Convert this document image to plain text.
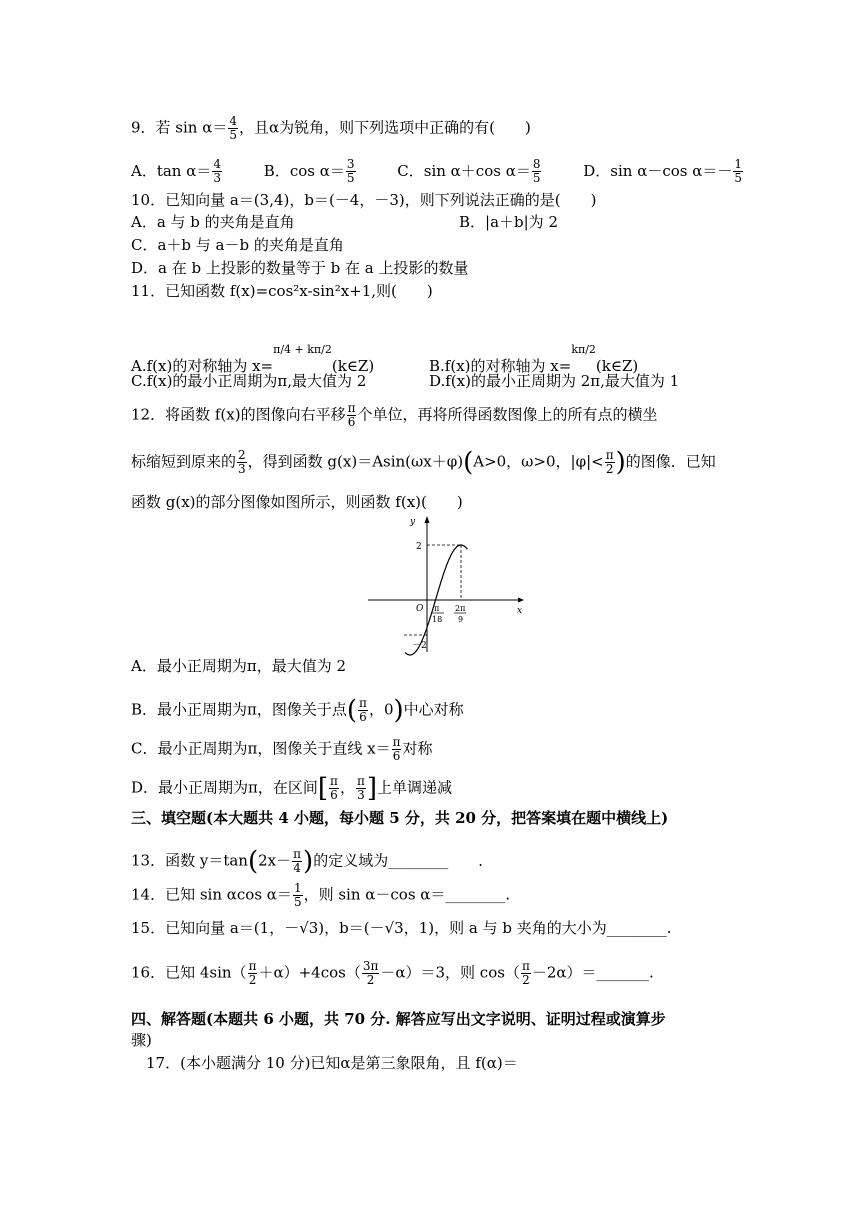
9．若 $\sin \alpha= \frac{4}{5}$ ，且α为锐角，则下列选项中正确的有(　　)
A．$\tan \alpha= \frac{4}{3}$	B．$\cos \alpha= \frac{3}{5}$	C．sin α＋cos $\alpha= \frac{8}{5}$	D．sin α－cos $\alpha=- \frac{1}{5}$
10．已知向量 a＝(3,4)，b＝(－4，－3)，则下列说法正确的是(　　)
A．a 与 b 的夹角是直角	B．|a＋b|为 2
C．a＋b 与 a－b 的夹角是直角
D．a 在 b 上投影的数量等于 b 在 a 上投影的数量
11．已知函数 f(x)=cos²x-sin²x+1,则(　　)
A.f(x)的对称轴为 x=$^{\pi/4 + k\pi/2}$(k∈Z)	B.f(x)的对称轴为 x=$^{k\pi/2}$(k∈Z)
C.f(x)的最小正周期为π,最大值为 2	D.f(x)的最小正周期为 2π,最大值为 1
12．将函数 f(x)的图像向右平移 $\frac{\pi}{6}$ 个单位，再将所得函数图像上的所有点的横坐
标缩短到原来的 $\frac{2}{3}$ ，得到函数 g(x)＝Asin(ωx＋φ)(A>0，ω>0，$|\varphi|< \frac{\pi}{2}$ )的图像．已知
函数 g(x)的部分图像如图所示，则函数 f(x)(　　)
y
x
O
2
－2
π
18
2π
9
A．最小正周期为π，最大值为 2
B．最小正周期为π，图像关于点( $\frac{\pi}{6}$ ，0)中心对称
C．最小正周期为π，图像关于直线 $x= \frac{\pi}{6}$ 对称
D．最小正周期为π，在区间[ $\frac{\pi}{6}$ ， $\frac{\pi}{3}$ ]上单调递减
三、填空题(本大题共 4 小题，每小题 5 分，共 20 分，把答案填在题中横线上)
13．函数 $y=\tan(2x- \frac{\pi}{4}$ )的定义域为________　　．
14．已知 sin αcos $\alpha= \frac{1}{5}$ ，则 sin α－cos α＝________.
15．已知向量 a＝(1，－√3)，b＝(－√3，1)，则 a 与 b 夹角的大小为________.
16．已知 $4\sin( \frac{\pi}{2} +\alpha)+4\cos( \frac{3\pi}{2} -\alpha)=3$，则 $\cos( \frac{\pi}{2}$ －2α）＝_______.
四、解答题(本题共 6 小题，共 70 分. 解答应写出文字说明、证明过程或演算步
骤)
17．(本小题满分 10 分)已知α是第三象限角，且 f(α)＝
